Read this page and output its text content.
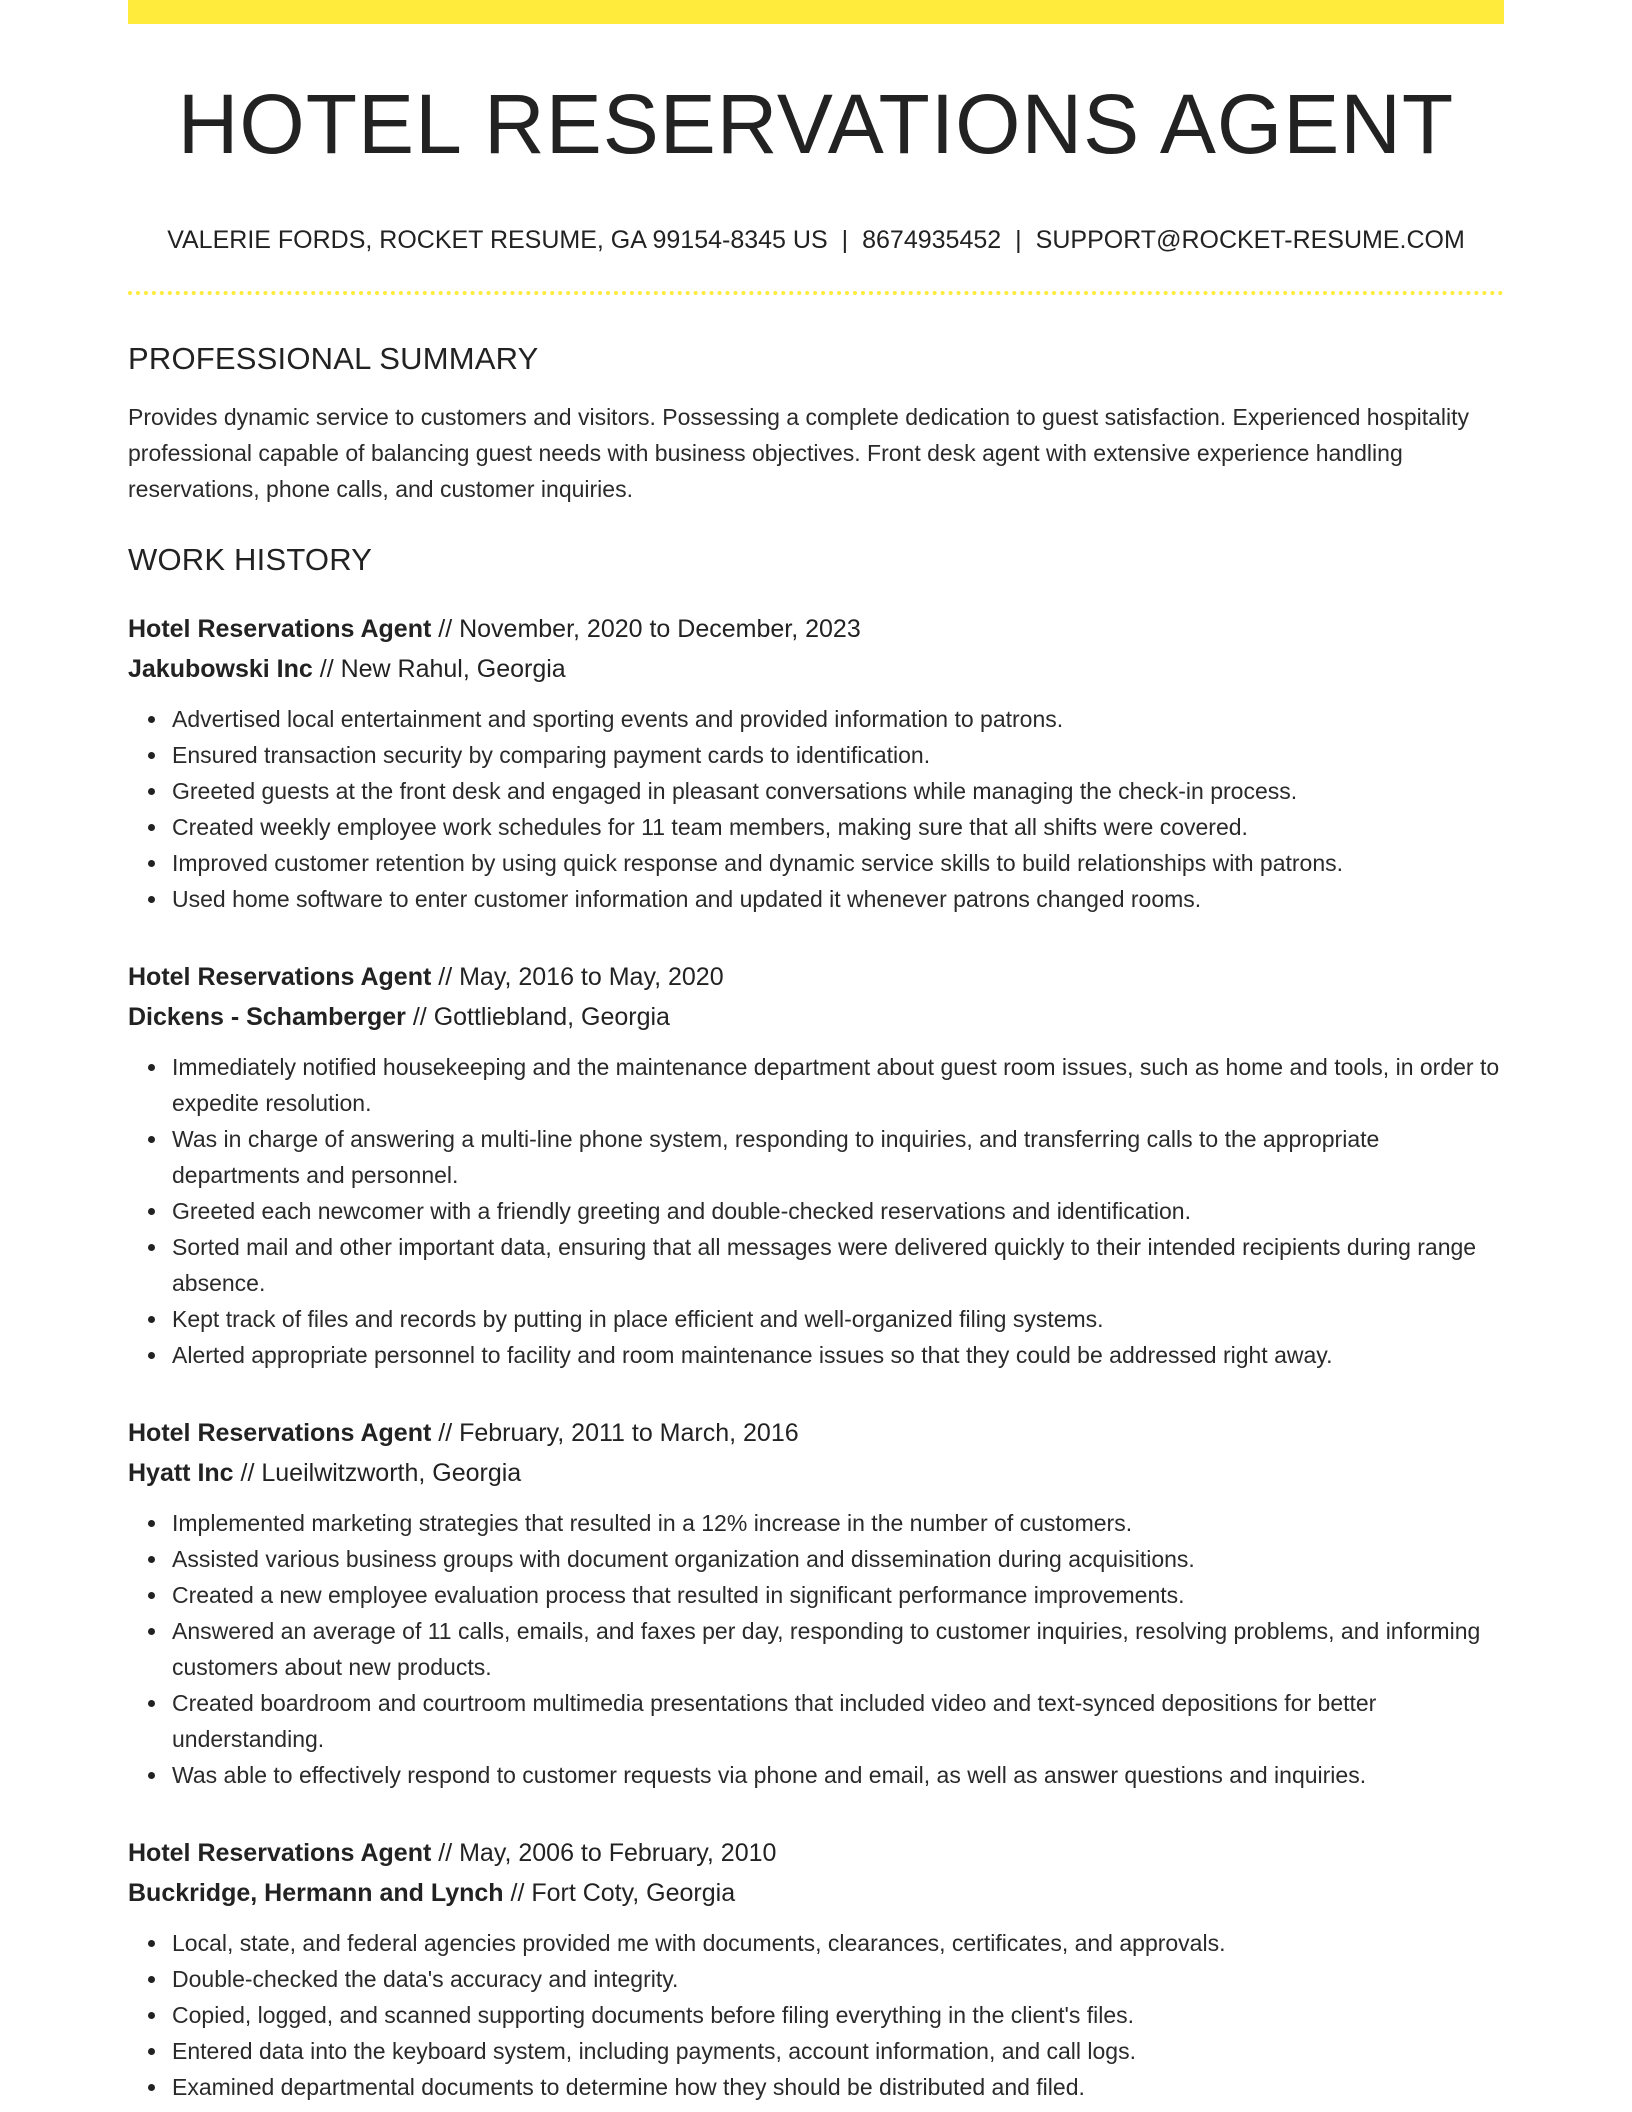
HOTEL RESERVATIONS AGENT
VALERIE FORDS, ROCKET RESUME, GA 99154-8345 US | 8674935452 | SUPPORT@ROCKET-RESUME.COM
PROFESSIONAL SUMMARY

Provides dynamic service to customers and visitors. Possessing a complete dedication to guest satisfaction. Experienced hospitality professional capable of balancing guest needs with business objectives. Front desk agent with extensive experience handling reservations, phone calls, and customer inquiries.

WORK HISTORY
Hotel Reservations Agent // November, 2020 to December, 2023
Jakubowski Inc // New Rahul, Georgia
Advertised local entertainment and sporting events and provided information to patrons.
Ensured transaction security by comparing payment cards to identification.
Greeted guests at the front desk and engaged in pleasant conversations while managing the check-in process.
Created weekly employee work schedules for 11 team members, making sure that all shifts were covered.
Improved customer retention by using quick response and dynamic service skills to build relationships with patrons.
Used home software to enter customer information and updated it whenever patrons changed rooms.
Hotel Reservations Agent // May, 2016 to May, 2020
Dickens - Schamberger // Gottliebland, Georgia
Immediately notified housekeeping and the maintenance department about guest room issues, such as home and tools, in order to expedite resolution.
Was in charge of answering a multi-line phone system, responding to inquiries, and transferring calls to the appropriate departments and personnel.
Greeted each newcomer with a friendly greeting and double-checked reservations and identification.
Sorted mail and other important data, ensuring that all messages were delivered quickly to their intended recipients during range absence.
Kept track of files and records by putting in place efficient and well-organized filing systems.
Alerted appropriate personnel to facility and room maintenance issues so that they could be addressed right away.
Hotel Reservations Agent // February, 2011 to March, 2016
Hyatt Inc // Lueilwitzworth, Georgia
Implemented marketing strategies that resulted in a 12% increase in the number of customers.
Assisted various business groups with document organization and dissemination during acquisitions.
Created a new employee evaluation process that resulted in significant performance improvements.
Answered an average of 11 calls, emails, and faxes per day, responding to customer inquiries, resolving problems, and informing customers about new products.
Created boardroom and courtroom multimedia presentations that included video and text-synced depositions for better understanding.
Was able to effectively respond to customer requests via phone and email, as well as answer questions and inquiries.
Hotel Reservations Agent // May, 2006 to February, 2010
Buckridge, Hermann and Lynch // Fort Coty, Georgia
Local, state, and federal agencies provided me with documents, clearances, certificates, and approvals.
Double-checked the data's accuracy and integrity.
Copied, logged, and scanned supporting documents before filing everything in the client's files.
Entered data into the keyboard system, including payments, account information, and call logs.
Examined departmental documents to determine how they should be distributed and filed.
